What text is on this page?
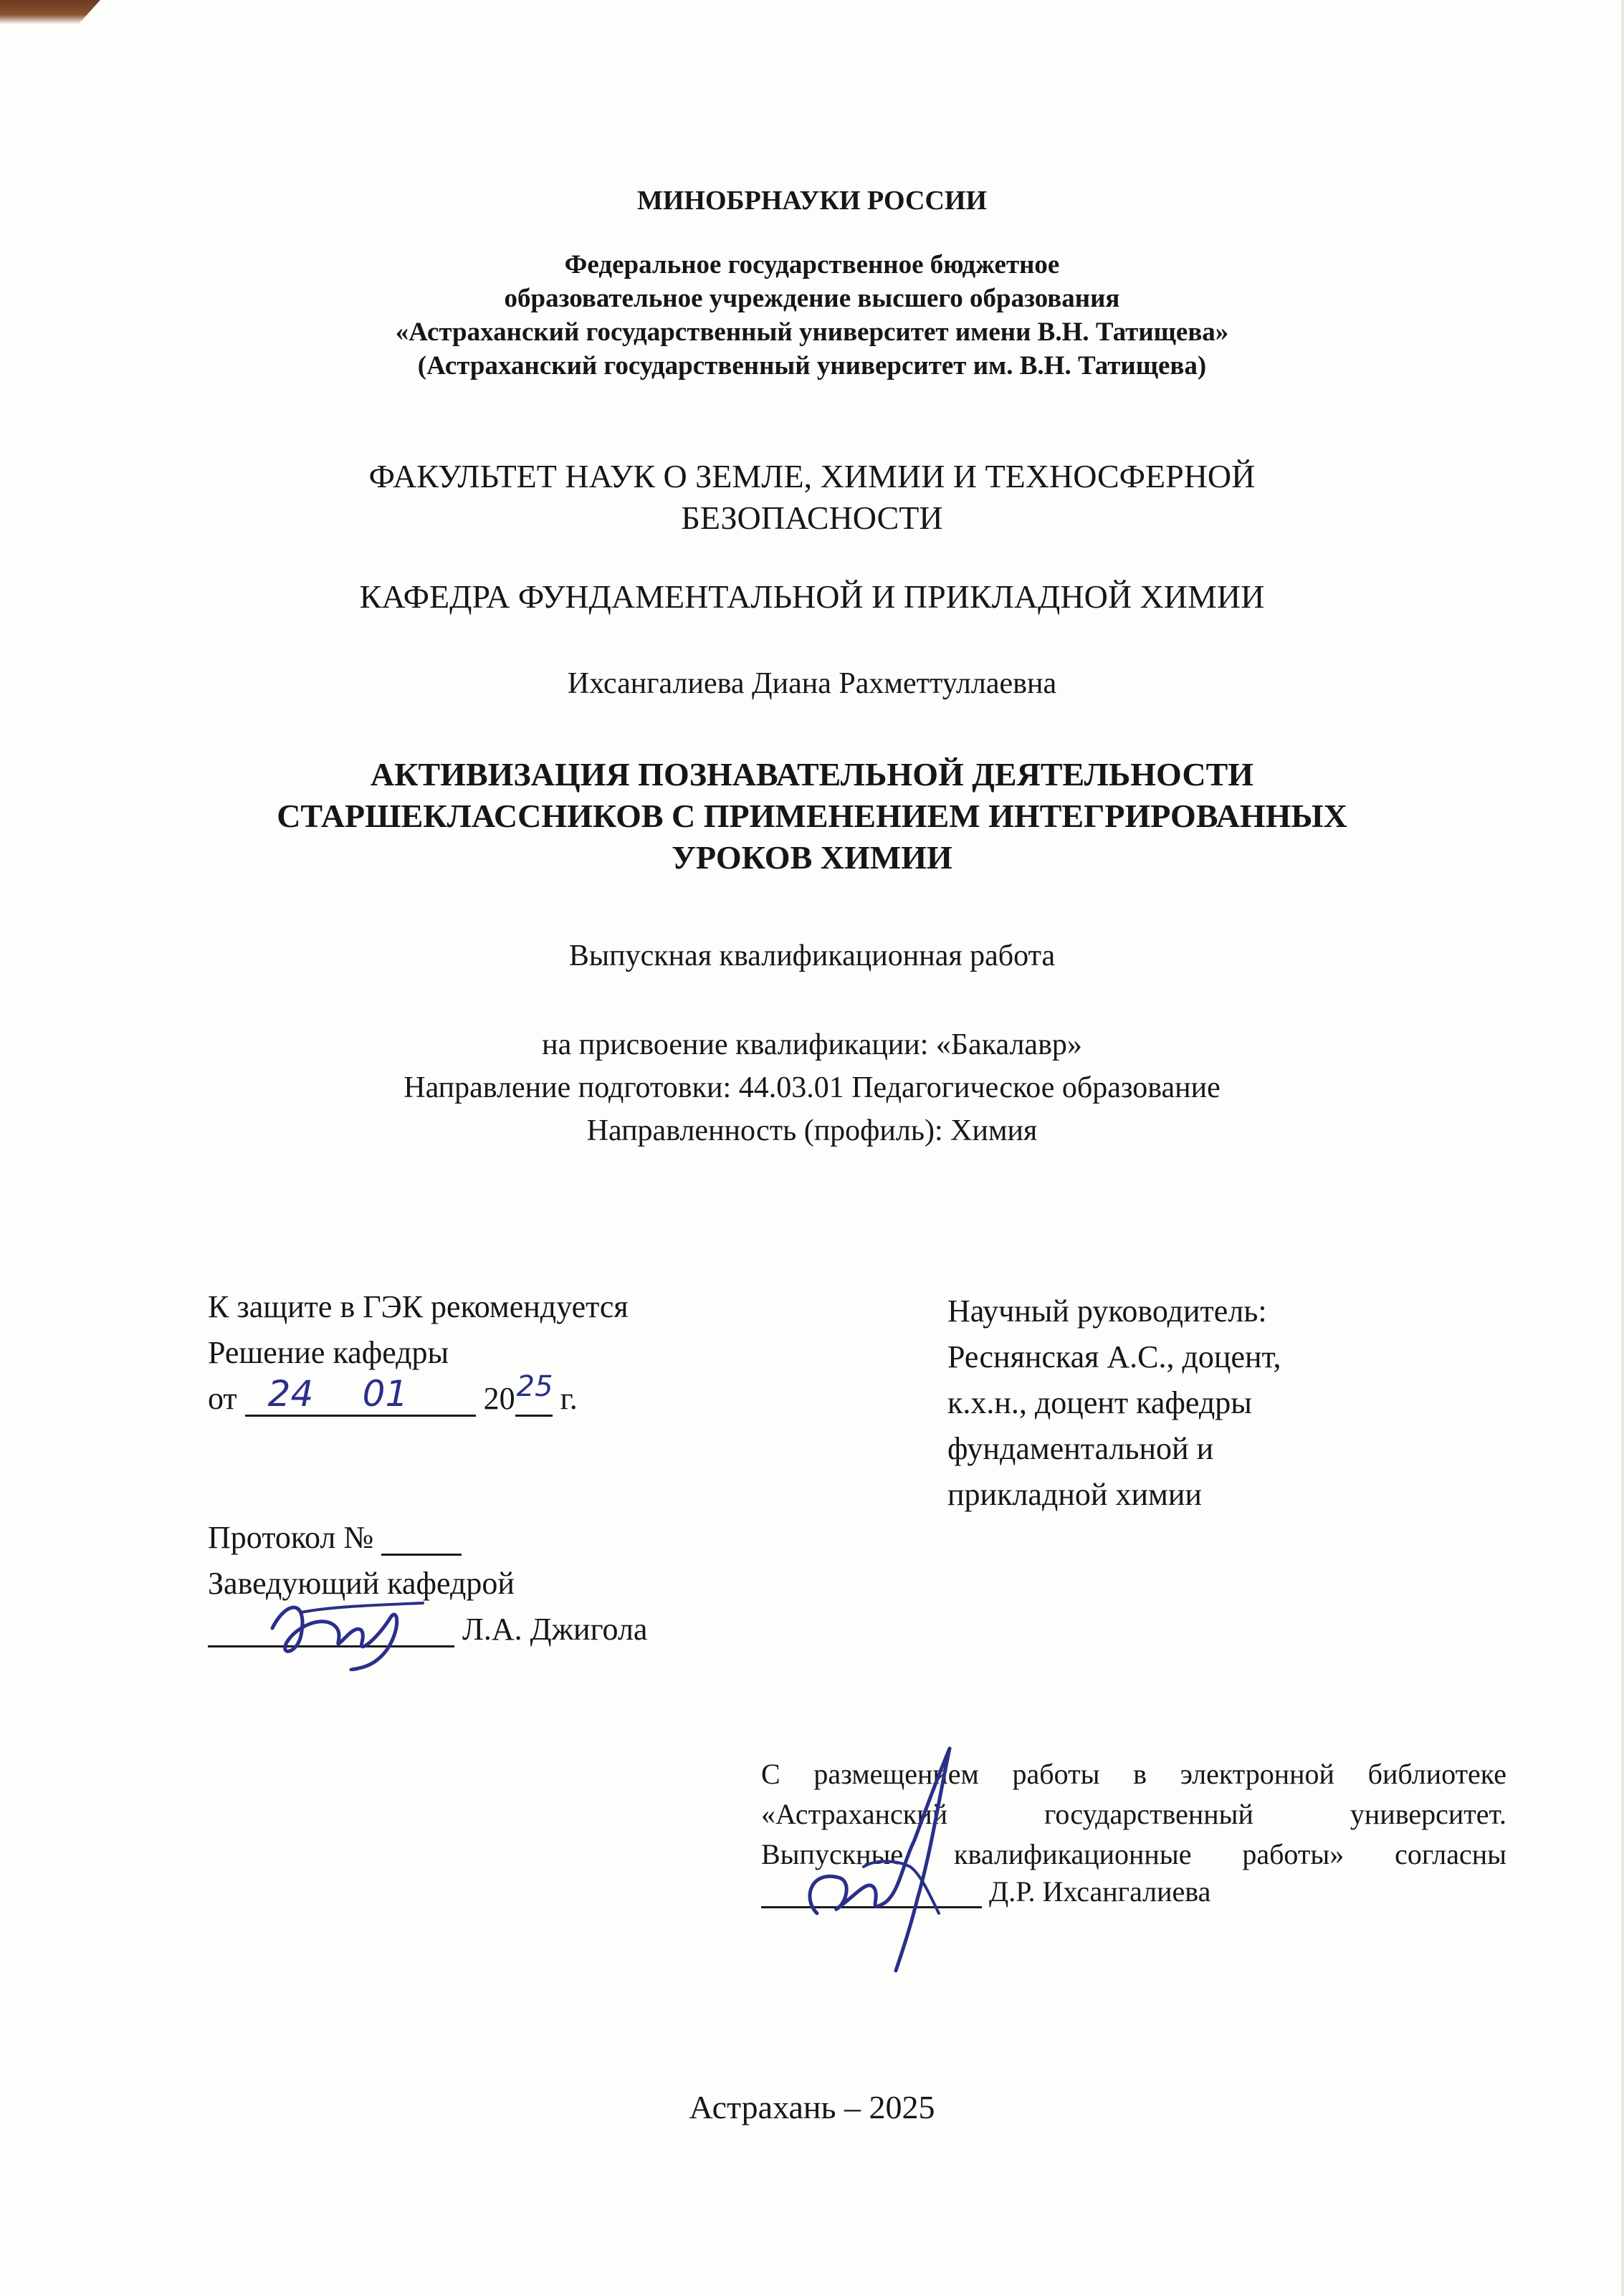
МИНОБРНАУКИ РОССИИ
Федеральное государственное бюджетное
образовательное учреждение высшего образования
«Астраханский государственный университет имени В.Н. Татищева»
(Астраханский государственный университет им. В.Н. Татищева)
ФАКУЛЬТЕТ НАУК О ЗЕМЛЕ, ХИМИИ И ТЕХНОСФЕРНОЙ
БЕЗОПАСНОСТИ
КАФЕДРА ФУНДАМЕНТАЛЬНОЙ И ПРИКЛАДНОЙ ХИМИИ
Ихсангалиева Диана Рахметтуллаевна
АКТИВИЗАЦИЯ ПОЗНАВАТЕЛЬНОЙ ДЕЯТЕЛЬНОСТИ
СТАРШЕКЛАССНИКОВ С ПРИМЕНЕНИЕМ ИНТЕГРИРОВАННЫХ
УРОКОВ ХИМИИ
Выпускная квалификационная работа
на присвоение квалификации: «Бакалавр»
Направление подготовки: 44.03.01 Педагогическое образование
Направленность (профиль): Химия
К защите в ГЭК рекомендуется
Решение кафедры
от 24 01 20 25 г.
Научный руководитель:
Реснянская А.С., доцент,
к.х.н., доцент кафедры
фундаментальной и
прикладной химии
Протокол №
Заведующий кафедрой
Л.А. Джигола
С размещением работы в электронной библиотеке
«Астраханский государственный университет.
Выпускные квалификационные работы» согласны
Д.Р. Ихсангалиева
Астрахань – 2025
